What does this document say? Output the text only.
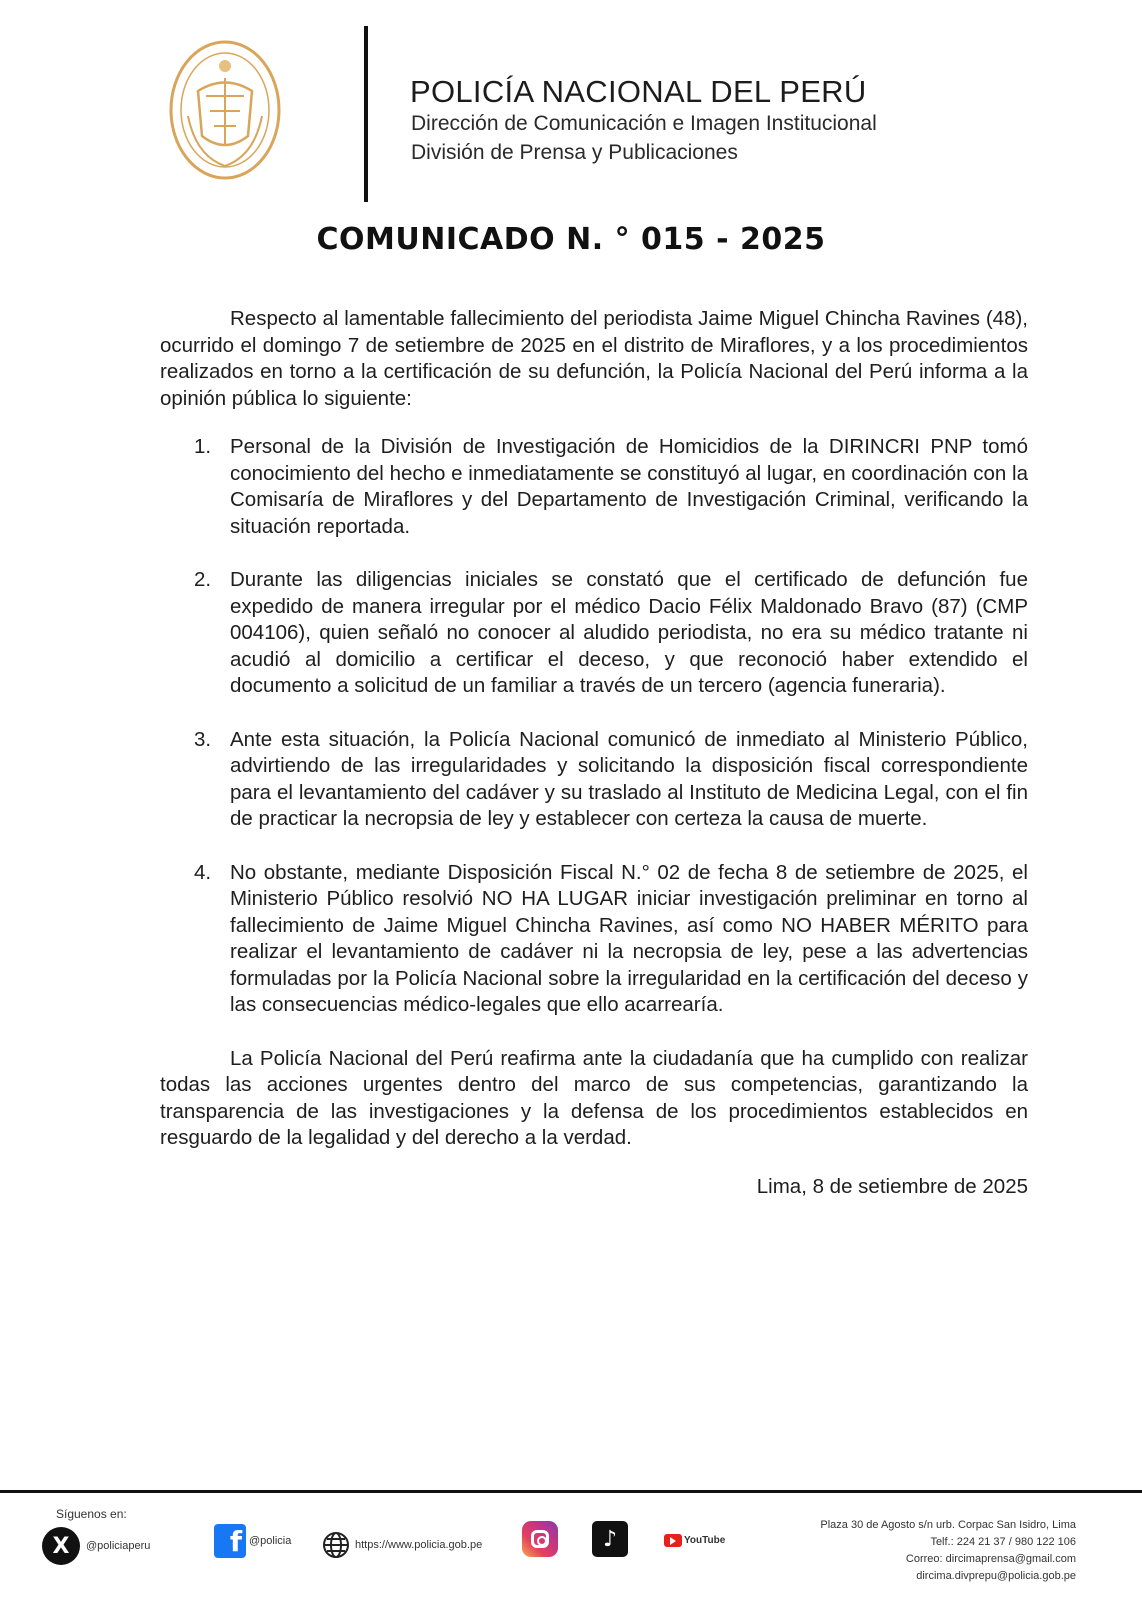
POLICÍA NACIONAL DEL PERÚ
Dirección de Comunicación e Imagen Institucional
División de Prensa y Publicaciones
COMUNICADO N. ° 015 - 2025

Respecto al lamentable fallecimiento del periodista Jaime Miguel Chincha Ravines (48), ocurrido el domingo 7 de setiembre de 2025 en el distrito de Miraflores, y a los procedimientos realizados en torno a la certificación de su defunción, la Policía Nacional del Perú informa a la opinión pública lo siguiente:

1. Personal de la División de Investigación de Homicidios de la DIRINCRI PNP tomó conocimiento del hecho e inmediatamente se constituyó al lugar, en coordinación con la Comisaría de Miraflores y del Departamento de Investigación Criminal, verificando la situación reportada.
2. Durante las diligencias iniciales se constató que el certificado de defunción fue expedido de manera irregular por el médico Dacio Félix Maldonado Bravo (87) (CMP 004106), quien señaló no conocer al aludido periodista, no era su médico tratante ni acudió al domicilio a certificar el deceso, y que reconoció haber extendido el documento a solicitud de un familiar a través de un tercero (agencia funeraria).
3. Ante esta situación, la Policía Nacional comunicó de inmediato al Ministerio Público, advirtiendo de las irregularidades y solicitando la disposición fiscal correspondiente para el levantamiento del cadáver y su traslado al Instituto de Medicina Legal, con el fin de practicar la necropsia de ley y establecer con certeza la causa de muerte.
4. No obstante, mediante Disposición Fiscal N.° 02 de fecha 8 de setiembre de 2025, el Ministerio Público resolvió NO HA LUGAR iniciar investigación preliminar en torno al fallecimiento de Jaime Miguel Chincha Ravines, así como NO HABER MÉRITO para realizar el levantamiento de cadáver ni la necropsia de ley, pese a las advertencias formuladas por la Policía Nacional sobre la irregularidad en la certificación del deceso y las consecuencias médico-legales que ello acarrearía.

La Policía Nacional del Perú reafirma ante la ciudadanía que ha cumplido con realizar todas las acciones urgentes dentro del marco de sus competencias, garantizando la transparencia de las investigaciones y la defensa de los procedimientos establecidos en resguardo de la legalidad y del derecho a la verdad.

Lima, 8 de setiembre de 2025

Síguenos en:
X	@policiaperu	f @policia	https://www.policia.gob.pe	♪	YouTube
Plaza 30 de Agosto s/n urb. Corpac San Isidro, Lima
Telf.: 224 21 37 / 980 122 106
Correo: dircimaprensa@gmail.com
dircima.divprepu@policia.gob.pe
